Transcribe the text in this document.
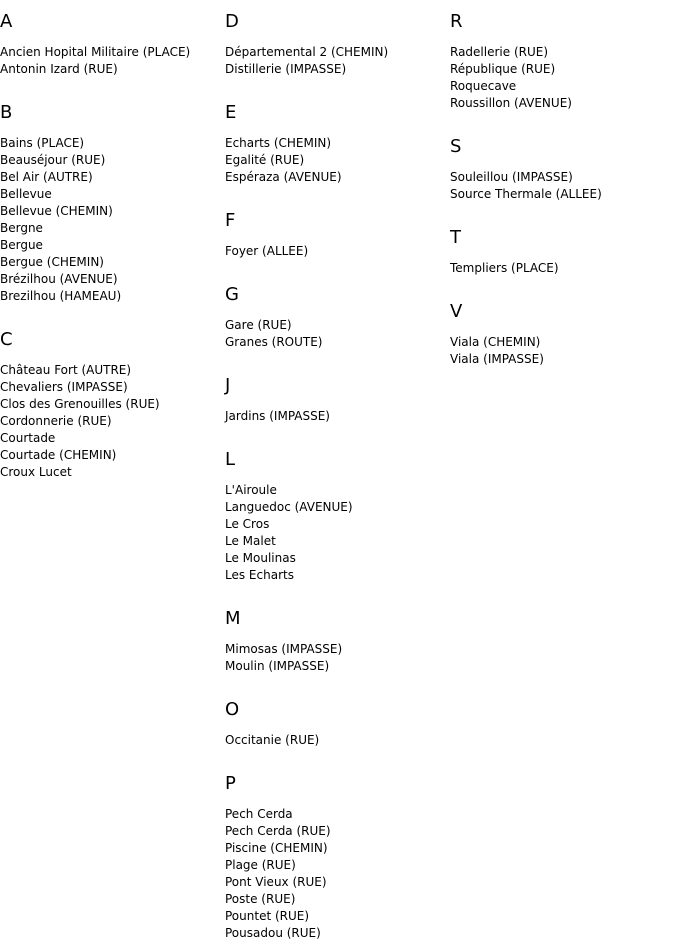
A
Ancien Hopital Militaire (PLACE)
Antonin Izard (RUE)
B
Bains (PLACE)
Beauséjour (RUE)
Bel Air (AUTRE)
Bellevue
Bellevue (CHEMIN)
Bergne
Bergue
Bergue (CHEMIN)
Brézilhou (AVENUE)
Brezilhou (HAMEAU)
C
Château Fort (AUTRE)
Chevaliers (IMPASSE)
Clos des Grenouilles (RUE)
Cordonnerie (RUE)
Courtade
Courtade (CHEMIN)
Croux Lucet
D
Départemental 2 (CHEMIN)
Distillerie (IMPASSE)
E
Echarts (CHEMIN)
Egalité (RUE)
Espéraza (AVENUE)
F
Foyer (ALLEE)
G
Gare (RUE)
Granes (ROUTE)
J
Jardins (IMPASSE)
L
L'Airoule
Languedoc (AVENUE)
Le Cros
Le Malet
Le Moulinas
Les Echarts
M
Mimosas (IMPASSE)
Moulin (IMPASSE)
O
Occitanie (RUE)
P
Pech Cerda
Pech Cerda (RUE)
Piscine (CHEMIN)
Plage (RUE)
Pont Vieux (RUE)
Poste (RUE)
Pountet (RUE)
Pousadou (RUE)
R
Radellerie (RUE)
République (RUE)
Roquecave
Roussillon (AVENUE)
S
Souleillou (IMPASSE)
Source Thermale (ALLEE)
T
Templiers (PLACE)
V
Viala (CHEMIN)
Viala (IMPASSE)
